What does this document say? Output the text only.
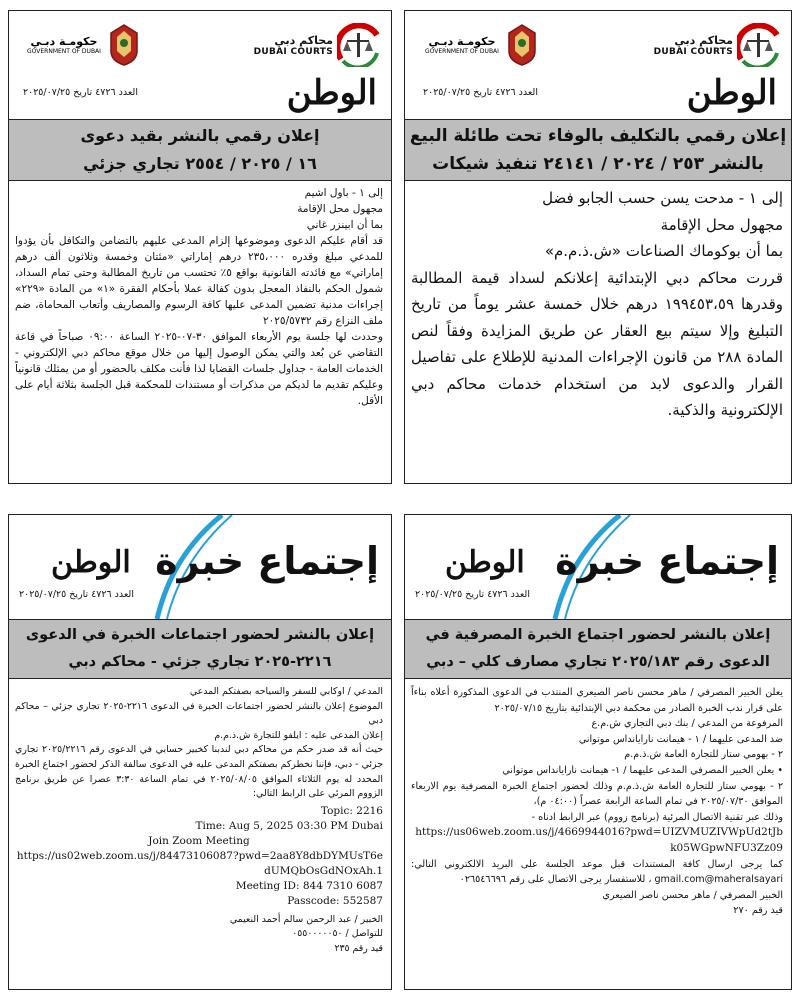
محاكم دبي
DUBAI COURTS
حكومـة دبـي
GOVERNMENT OF DUBAI
الوطن
العدد ٤٧٢٦ تاريخ ٢٠٢٥/٠٧/٢٥
إعلان رقمي بالتكليف بالوفاء تحت طائلة البيع
بالنشر ٢٥٣ / ٢٠٢٤ / ٢٤١٤١ تنفيذ شيكات

إلى ١ - مدحت يسن حسب الجابو فضل

مجهول محل الإقامة

بما أن بوكوماك الصناعات «ش.ذ.م.م»

قررت محاكم دبي الإبتدائية إعلانكم لسداد قيمة المطالبة وقدرها ١٩٩٤٥٣،٥٩ درهم خلال خمسة عشر يوماً من تاريخ التبليغ وإلا سيتم بيع العقار عن طريق المزايدة وفقاً لنص المادة ٢٨٨ من قانون الإجراءات المدنية للإطلاع على تفاصيل القرار والدعوى لابد من استخدام خدمات محاكم دبي الإلكترونية والذكية.

محاكم دبي
DUBAI COURTS
حكومـة دبـي
GOVERNMENT OF DUBAI
الوطن
العدد ٤٧٢٦ تاريخ ٢٠٢٥/٠٧/٢٥
إعلان رقمي بالنشر بقيد دعوى
١٦ / ٢٠٢٥ / ٢٥٥٤ تجاري جزئي

إلى ١ - باول اشيم

مجهول محل الإقامة

بما أن ابينزر غاني

قد أقام عليكم الدعوى وموضوعها إلزام المدعى عليهم بالتضامن والتكافل بأن يؤدوا للمدعي مبلغ وقدره ٢٣٥،٠٠٠ درهم إماراتي «مئتان وخمسة وثلاثون ألف درهم إماراتي» مع فائدته القانونية بواقع ٥٪ تحتسب من تاريخ المطالبة وحتى تمام السداد، شمول الحكم بالنفاذ المعجل بدون كفالة عملا بأحكام الفقرة «١» من المادة «٢٢٩» إجراءات مدنية تضمين المدعى عليها كافة الرسوم والمصاريف وأتعاب المحاماة، ضم ملف النزاع رقم ٢٠٢٥/٥٧٣٢

وحددت لها جلسة يوم الأربعاء الموافق ٣٠-٠٧-٢٠٢٥ الساعة ٠٩:٠٠ صباحاً في قاعة التقاضي عن بُعد والتي يمكن الوصول إليها من خلال موقع محاكم دبي الإلكتروني - الخدمات العامة - جداول جلسات القضايا لذا فأنت مكلف بالحضور أو من يمثلك قانونياً وعليكم تقديم ما لديكم من مذكرات أو مستندات للمحكمة قبل الجلسة بثلاثة أيام على الأقل.

إجتماع خبرة
الوطن
العدد ٤٧٢٦ تاريخ ٢٠٢٥/٠٧/٢٥
إعلان بالنشر لحضور اجتماع الخبرة المصرفية في
الدعوى رقم ٢٠٢٥/١٨٣ تجاري مصارف كلي – دبي

يعلن الخبير المصرفي / ماهر محسن ناصر الصيعري المنتدب في الدعوى المذكورة أعلاه بناءاً على قرار ندب الخبرة الصادر من محكمة دبي الإبتدائية بتاريخ ٢٠٢٥/٠٧/١٥

المرفوعة من المدعي / بنك دبي التجاري ش.م.ع

ضد المدعى عليهما / ١ - هيمانت نارايانداس موتواني

٢ - بهومي ستار للتجارة العامة ش.ذ.م.م

• يعلن الخبير المصرفي المدعى عليهما / ١- هيمانت نارايانداس موتواني

٢ - بهومي ستار للتجارة العامة ش.ذ.م.م وذلك لحضور اجتماع الخبرة المصرفية يوم الاربعاء الموافق ٢٠٢٥/٠٧/٣٠ في تمام الساعة الرابعة عصراً (٠٤:٠٠ م)،

وذلك عبر تقنية الاتصال المرئية (برنامج زووم) عبر الرابط ادناه -

https://us06web.zoom.us/j/4669944016?pwd=UIZVMUZIVWpUd2tJbk05WGpwNFU3Zz09

كما يرجى ارسال كافة المستندات قبل موعد الجلسة على البريد الالكتروني التالي: gmail.com@maheralsayari ، للاستفسار يرجى الاتصال على رقم ٠٢٦٥٤٦٦٩٦

الخبير المصرفي / ماهر محسن ناصر الصيعري

قيد رقم ٢٧٠

إجتماع خبرة
الوطن
العدد ٤٧٢٦ تاريخ ٢٠٢٥/٠٧/٢٥
إعلان بالنشر لحضور اجتماعات الخبرة في الدعوى
٢٢١٦-٢٠٢٥ تجاري جزئي - محاكم دبي

المدعي / اوكابي للسفر والسياحه بصفتكم المدعي

الموضوع إعلان بالنشر لحضور اجتماعات الخبرة في الدعوى ٢٢١٦-٢٠٢٥ تجاري جزئي – محاكم دبي

إعلان المدعى عليه : ايلفو للتجارة ش.ذ.م.م

حيث أنه قد صدر حكم من محاكم دبي لندبنا كخبير حسابي في الدعوى رقم ٢٠٢٥/٢٢١٦ تجاري جزئي - دبي، فإننا نخطركم بصفتكم المدعى عليه في الدعوى سالفة الذكر لحضور اجتماع الخبرة المحدد له يوم الثلاثاء الموافق ٢٠٢٥/٠٨/٠٥ في تمام الساعة ٣:٣٠ عصرا عن طريق برنامج الزووم المرئي على الرابط التالي:

Topic: 2216

Time: Aug 5, 2025 03:30 PM Dubai

Join Zoom Meeting

https://us02web.zoom.us/j/84473106087?pwd=2aa8Y8dbDYMUsT6edUMQbOsGdNOxAh.1

Meeting ID: 844 7310 6087

Passcode: 552587

الخبير / عبد الرحمن سالم أحمد النعيمي

للتواصل / ٠٥٥٠٠٠٠٠٥٠

قيد رقم ٢٣٥
